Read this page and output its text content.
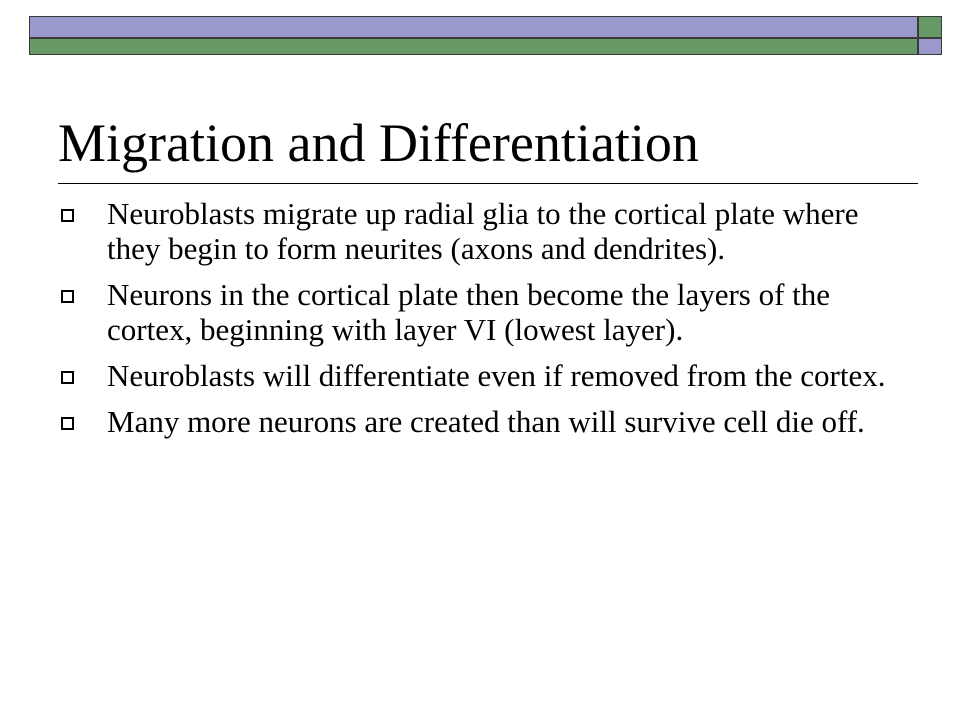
Migration and Differentiation
Neuroblasts migrate up radial glia to the cortical plate where they begin to form neurites (axons and dendrites).
Neurons in the cortical plate then become the layers of the cortex, beginning with layer VI (lowest layer).
Neuroblasts will differentiate even if removed from the cortex.
Many more neurons are created than will survive cell die off.
